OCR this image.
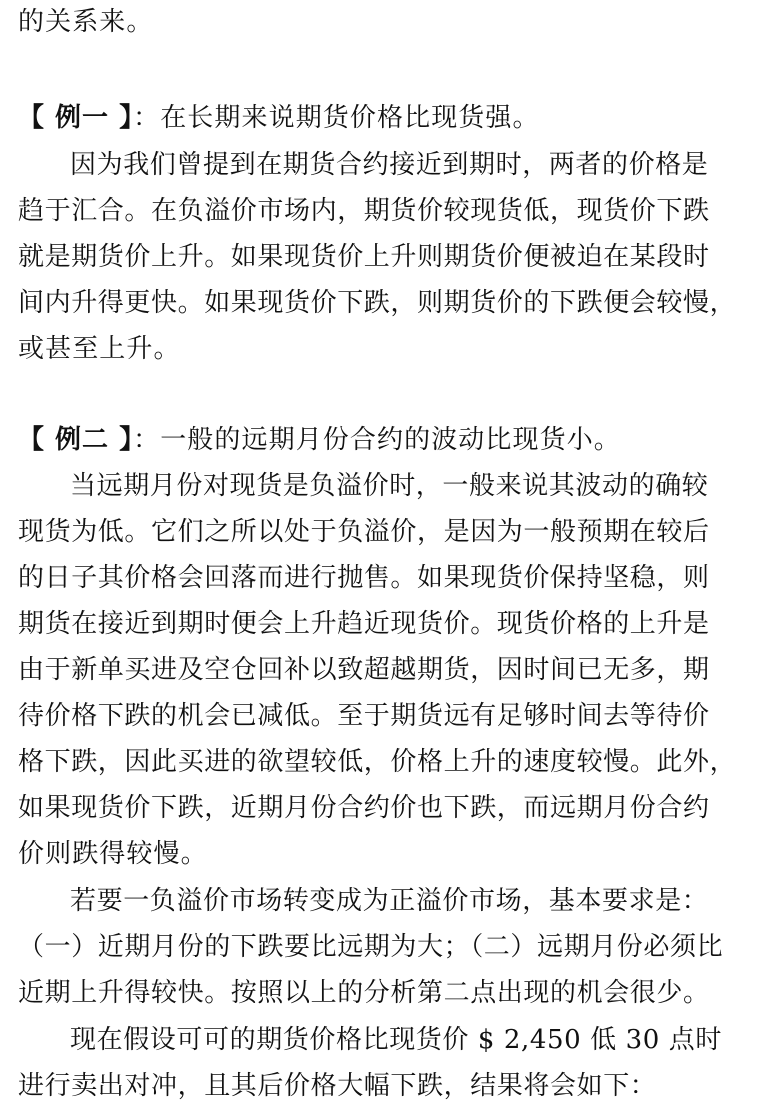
的关系来。
【 例一 】：在长期来说期货价格比现货强。
因为我们曾提到在期货合约接近到期时，两者的价格是
趋于汇合。在负溢价市场内，期货价较现货低，现货价下跌
就是期货价上升。如果现货价上升则期货价便被迫在某段时
间内升得更快。如果现货价下跌，则期货价的下跌便会较慢，
或甚至上升。
【 例二 】：一般的远期月份合约的波动比现货小。
当远期月份对现货是负溢价时，一般来说其波动的确较
现货为低。它们之所以处于负溢价，是因为一般预期在较后
的日子其价格会回落而进行抛售。如果现货价保持坚稳，则
期货在接近到期时便会上升趋近现货价。现货价格的上升是
由于新单买进及空仓回补以致超越期货，因时间已无多，期
待价格下跌的机会已减低。至于期货远有足够时间去等待价
格下跌，因此买进的欲望较低，价格上升的速度较慢。此外，
如果现货价下跌，近期月份合约价也下跌，而远期月份合约
价则跌得较慢。
若要一负溢价市场转变成为正溢价市场，基本要求是：
（一）近期月份的下跌要比远期为大；（二）远期月份必须比
近期上升得较快。按照以上的分析第二点出现的机会很少。
现在假设可可的期货价格比现货价 $ 2,450 低 30 点时
进行卖出对冲，且其后价格大幅下跌，结果将会如下：
